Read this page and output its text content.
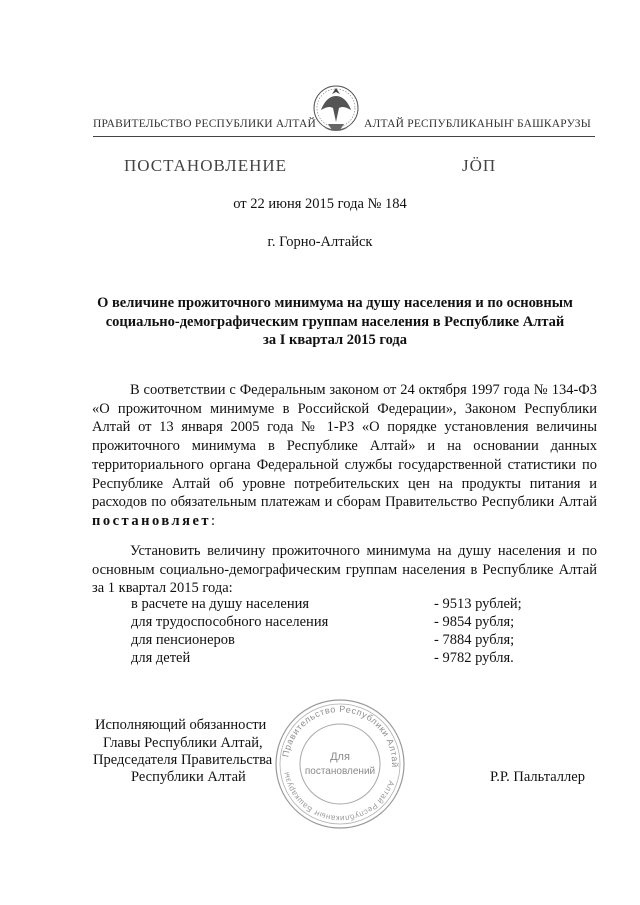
ПРАВИТЕЛЬСТВО РЕСПУБЛИКИ АЛТАЙ	АЛТАЙ РЕСПУБЛИКАНЫҤ БАШКАРУЗЫ
ПОСТАНОВЛЕНИЕ	JӦП
от 22 июня 2015 года № 184
г. Горно-Алтайск
О величине прожиточного минимума на душу населения и по основным
социально-демографическим группам населения в Республике Алтай
за I квартал 2015 года
В соответствии с Федеральным законом от 24 октября 1997 года № 134-ФЗ «О прожиточном минимуме в Российской Федерации», Законом Республики Алтай от 13 января 2005 года № 1-РЗ «О порядке установления величины прожиточного минимума в Республике Алтай» и на основании данных территориального органа Федеральной службы государственной статистики по Республике Алтай об уровне потребительских цен на продукты питания и расходов по обязательным платежам и сборам Правительство Республики Алтай постановляет:
Установить величину прожиточного минимума на душу населения и по основным социально-демографическим группам населения в Республике Алтай за 1 квартал 2015 года:
в расчете на душу населения	- 9513 рублей;
для трудоспособного населения	- 9854 рубля;
для пенсионеров	- 7884 рубля;
для детей	- 9782 рубля.
Исполняющий обязанности
Главы Республики Алтай,
Председателя Правительства
Республики Алтай	Р.Р. Пальталлер
Правительство Республики Алтай
Алтай Республиканыҥ Башкарузы
Для
постановлений
